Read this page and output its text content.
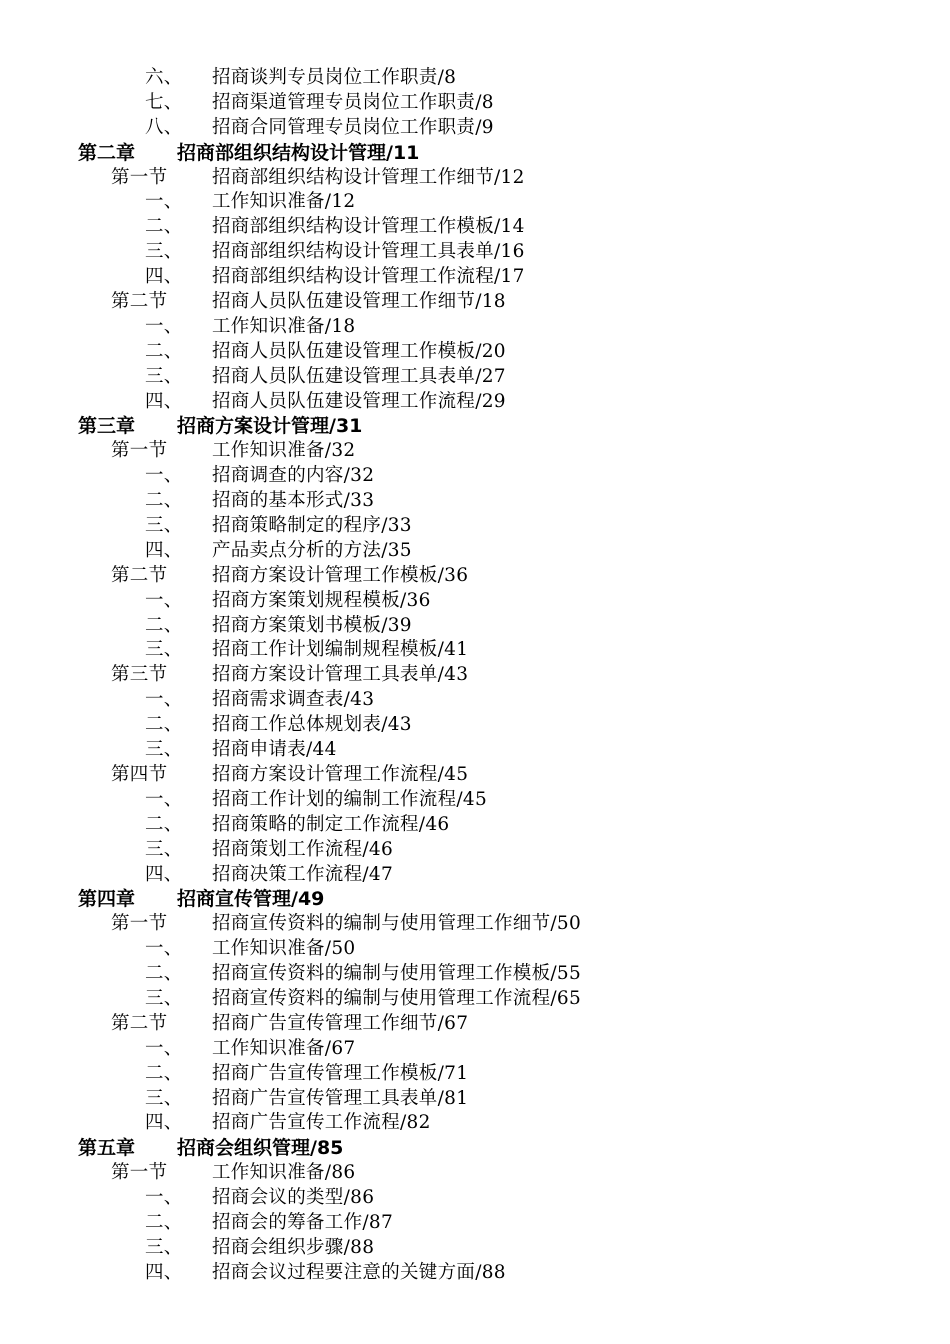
六、 招商谈判专员岗位工作职责/8
七、 招商渠道管理专员岗位工作职责/8
八、 招商合同管理专员岗位工作职责/9
第二章 招商部组织结构设计管理/11
第一节 招商部组织结构设计管理工作细节/12
一、 工作知识准备/12
二、 招商部组织结构设计管理工作模板/14
三、 招商部组织结构设计管理工具表单/16
四、 招商部组织结构设计管理工作流程/17
第二节 招商人员队伍建设管理工作细节/18
一、 工作知识准备/18
二、 招商人员队伍建设管理工作模板/20
三、 招商人员队伍建设管理工具表单/27
四、 招商人员队伍建设管理工作流程/29
第三章 招商方案设计管理/31
第一节 工作知识准备/32
一、 招商调查的内容/32
二、 招商的基本形式/33
三、 招商策略制定的程序/33
四、 产品卖点分析的方法/35
第二节 招商方案设计管理工作模板/36
一、 招商方案策划规程模板/36
二、 招商方案策划书模板/39
三、 招商工作计划编制规程模板/41
第三节 招商方案设计管理工具表单/43
一、 招商需求调查表/43
二、 招商工作总体规划表/43
三、 招商申请表/44
第四节 招商方案设计管理工作流程/45
一、 招商工作计划的编制工作流程/45
二、 招商策略的制定工作流程/46
三、 招商策划工作流程/46
四、 招商决策工作流程/47
第四章 招商宣传管理/49
第一节 招商宣传资料的编制与使用管理工作细节/50
一、 工作知识准备/50
二、 招商宣传资料的编制与使用管理工作模板/55
三、 招商宣传资料的编制与使用管理工作流程/65
第二节 招商广告宣传管理工作细节/67
一、 工作知识准备/67
二、 招商广告宣传管理工作模板/71
三、 招商广告宣传管理工具表单/81
四、 招商广告宣传工作流程/82
第五章 招商会组织管理/85
第一节 工作知识准备/86
一、 招商会议的类型/86
二、 招商会的筹备工作/87
三、 招商会组织步骤/88
四、 招商会议过程要注意的关键方面/88
